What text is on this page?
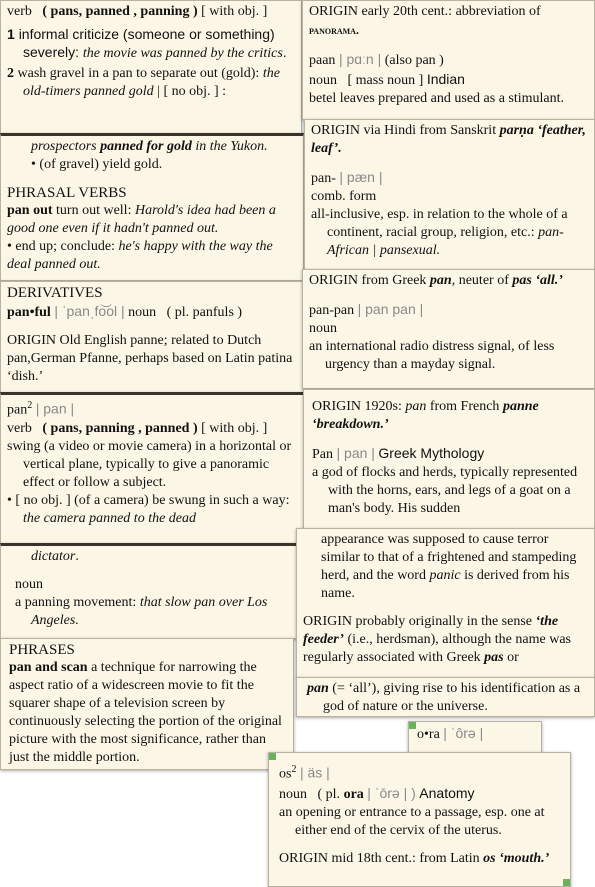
verb ( pans, panned , panning ) [ with obj. ]
1 informal criticize (someone or something) severely: the movie was panned by the critics.
2 wash gravel in a pan to separate out (gold): the old-timers panned gold | [ no obj. ] :
prospectors panned for gold in the Yukon.
• (of gravel) yield gold.
PHRASAL VERBS
pan out turn out well: Harold's idea had been a good one even if it hadn't panned out.
• end up; conclude: he's happy with the way the deal panned out.
DERIVATIVES
pan•ful | ˈpanˌfo͝ol | noun ( pl. panfuls )
ORIGIN Old English panne; related to Dutch pan,German Pfanne, perhaps based on Latin patina ‘dish.’
pan$^2$ | pan |
verb ( pans, panning , panned ) [ with obj. ]
swing (a video or movie camera) in a horizontal or vertical plane, typically to give a panoramic effect or follow a subject.
• [ no obj. ] (of a camera) be swung in such a way: the camera panned to the dead
dictator.
noun
a panning movement: that slow pan over Los Angeles.
PHRASES
pan and scan a technique for narrowing the aspect ratio of a widescreen movie to fit the squarer shape of a television screen by continuously selecting the portion of the original picture with the most significance, rather than just the middle portion.
ORIGIN early 20th cent.: abbreviation of panorama.
paan | pɑːn | (also pan )
noun [ mass noun ] Indian
betel leaves prepared and used as a stimulant.
ORIGIN via Hindi from Sanskrit parṇa ‘feather, leaf’.
pan- | pæn |
comb. form
all-inclusive, esp. in relation to the whole of a continent, racial group, religion, etc.: pan-African | pansexual.
ORIGIN from Greek pan, neuter of pas ‘all.’
pan-pan | pan pan |
noun
an international radio distress signal, of less urgency than a mayday signal.
ORIGIN 1920s: pan from French panne ‘breakdown.’
Pan | pan | Greek Mythology
a god of flocks and herds, typically represented with the horns, ears, and legs of a goat on a man's body. His sudden
appearance was supposed to cause terror similar to that of a frightened and stampeding herd, and the word panic is derived from his name.
ORIGIN probably originally in the sense ‘the feeder’ (i.e., herdsman), although the name was regularly associated with Greek pas or
pan (= ‘all’), giving rise to his identification as a god of nature or the universe.
o•ra | ˈôrə |
$os^2$ | äs |
noun ( pl. ora | ˈōrə | ) Anatomy
an opening or entrance to a passage, esp. one at either end of the cervix of the uterus.
ORIGIN mid 18th cent.: from Latin os ‘mouth.’
